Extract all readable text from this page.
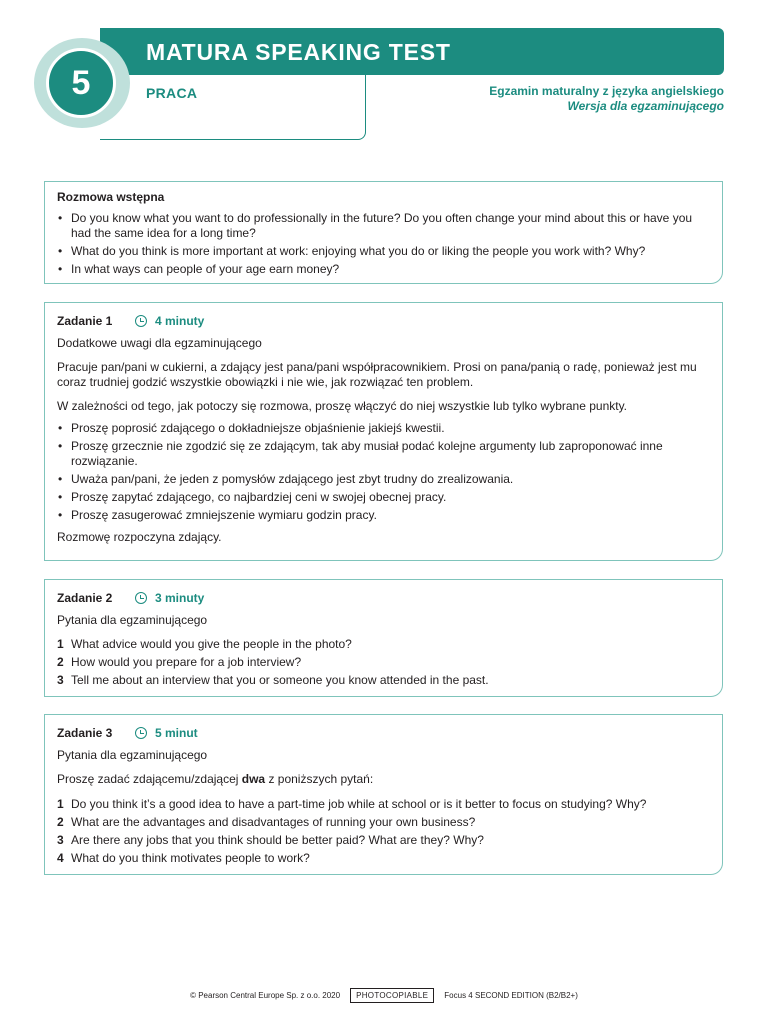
MATURA SPEAKING TEST
PRACA	Egzamin maturalny z języka angielskiego
Wersja dla egzaminującego
5
Rozmowa wstępna
• Do you know what you want to do professionally in the future? Do you often change your mind about this or have you had the same idea for a long time?
• What do you think is more important at work: enjoying what you do or liking the people you work with? Why?
• In what ways can people of your age earn money?
Zadanie 1	4 minuty
Dodatkowe uwagi dla egzaminującego
Pracuje pan/pani w cukierni, a zdający jest pana/pani współpracownikiem. Prosi on pana/panią o radę, ponieważ jest mu coraz trudniej godzić wszystkie obowiązki i nie wie, jak rozwiązać ten problem.
W zależności od tego, jak potoczy się rozmowa, proszę włączyć do niej wszystkie lub tylko wybrane punkty.
• Proszę poprosić zdającego o dokładniejsze objaśnienie jakiejś kwestii.
• Proszę grzecznie nie zgodzić się ze zdającym, tak aby musiał podać kolejne argumenty lub zaproponować inne rozwiązanie.
• Uważa pan/pani, że jeden z pomysłów zdającego jest zbyt trudny do zrealizowania.
• Proszę zapytać zdającego, co najbardziej ceni w swojej obecnej pracy.
• Proszę zasugerować zmniejszenie wymiaru godzin pracy.
Rozmowę rozpoczyna zdający.
Zadanie 2	3 minuty
Pytania dla egzaminującego
1 What advice would you give the people in the photo?
2 How would you prepare for a job interview?
3 Tell me about an interview that you or someone you know attended in the past.
Zadanie 3	5 minut
Pytania dla egzaminującego
Proszę zadać zdającemu/zdającej dwa z poniższych pytań:
1 Do you think it’s a good idea to have a part-time job while at school or is it better to focus on studying? Why?
2 What are the advantages and disadvantages of running your own business?
3 Are there any jobs that you think should be better paid? What are they? Why?
4 What do you think motivates people to work?
© Pearson Central Europe Sp. z o.o. 2020	PHOTOCOPIABLE	Focus 4 SECOND EDITION (B2/B2+)
